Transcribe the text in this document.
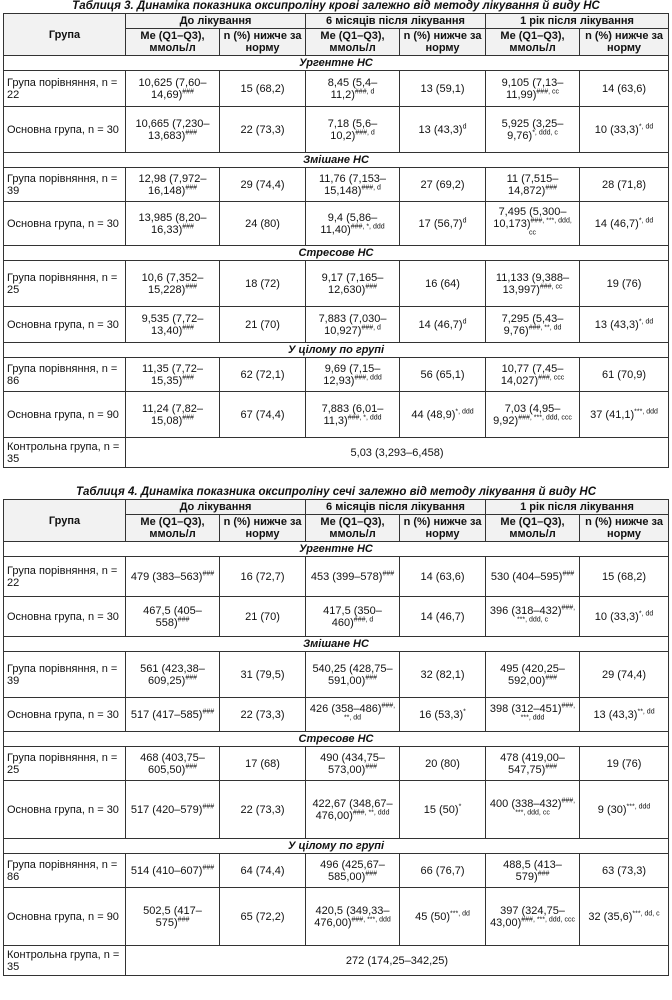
Таблиця 3. Динаміка показника оксипроліну крові залежно від методу лікування й виду НС

Група	До лікування		6 місяців після лікування		1 рік після лікування	
	Me (Q1–Q3), ммоль/л	n (%) нижче за норму	Me (Q1–Q3), ммоль/л	n (%) нижче за норму	Me (Q1–Q3), ммоль/л	n (%) нижче за норму
Ургентне НС						
Група порівняння, n = 22	10,625 (7,60–14,69)###	15 (68,2)	8,45 $(5,4-11,2)^{\#\#\#, d}$	13 (59,1)	9,105 $(7,13-11,99)^{\#\#\#, cc}$	14 (63,6)
Основна група, n = 30	10,665 (7,230–13,683)###	22 (73,3)	7,18 $(5,6-10,2)^{\#\#\#, d}$	13 $(43,3)^d$	5,925 $(3,25-9,76)^{*, ddd, c}$	10 $(33,3)^{*, dd}$
Змішане НС						
Група порівняння, n = 39	12,98 (7,972–16,148)###	29 (74,4)	11,76 $(7,153-15,148)^{\#\#\#, d}$	27 (69,2)	11 (7,515–14,872)###	28 (71,8)
Основна група, n = 30	13,985 (8,20–16,33)###	24 (80)	9,4 $(5,86-11,40)^{\#\#\#, *, ddd}$	17 $(56,7)^d$	7,495 $(5,300-10,173)^{\#\#\#, ***, ddd, cc}$	14 $(46,7)^{*, dd}$
Стресове НС						
Група порівняння, n = 25	10,6 (7,352–15,228)###	18 (72)	9,17 (7,165–12,630)###	16 (64)	11,133 $(9,388-13,997)^{\#\#\#, cc}$	19 (76)
Основна група, n = 30	9,535 (7,72–13,40)###	21 (70)	7,883 $(7,030-10,927)^{\#\#\#, d}$	14 $(46,7)^d$	7,295 $(5,43-9,76)^{\#\#\#, **, dd}$	13 $(43,3)^{*, dd}$
У цілому по групі						
Група порівняння, n = 86	11,35 (7,72–15,35)###	62 (72,1)	9,69 $(7,15-12,93)^{\#\#\#, ddd}$	56 (65,1)	10,77 $(7,45-14,027)^{\#\#\#, ccc}$	61 (70,9)
Основна група, n = 90	11,24 (7,82–15,08)###	67 (74,4)	7,883 $(6,01-11,3)^{\#\#\#, *, ddd}$	44 $(48,9)^{*, ddd}$	7,03 $(4,95-9,92)^{\#\#\#, ***, ddd, ccc}$	37 $(41,1)^{***, ddd}$
Контрольна група, n = 35	5,03 (3,293–6,458)					

Таблиця 4. Динаміка показника оксипроліну сечі залежно від методу лікування й виду НС

Група	До лікування		6 місяців після лікування		1 рік після лікування	
	Me (Q1–Q3), ммоль/л	n (%) нижче за норму	Me (Q1–Q3), ммоль/л	n (%) нижче за норму	Me (Q1–Q3), ммоль/л	n (%) нижче за норму
Ургентне НС						
Група порівняння, n = 22	479 (383–563)###	16 (72,7)	453 (399–578)###	14 (63,6)	530 (404–595)###	15 (68,2)
Основна група, n = 30	467,5 (405–558)###	21 (70)	417,5 $(350-460)^{\#\#\#, d}$	14 (46,7)	396 $(318-432)^{\#\#\#, ***, ddd, c}$	10 $(33,3)^{*, dd}$
Змішане НС						
Група порівняння, n = 39	561 (423,38–609,25)###	31 (79,5)	540,25 (428,75–591,00)###	32 (82,1)	495 (420,25–592,00)###	29 (74,4)
Основна група, n = 30	517 (417–585)###	22 (73,3)	426 $(358-486)^{\#\#\#, **, dd}$	16 (53,3)*	398 $(312-451)^{\#\#\#, ***, ddd}$	13 $(43,3)^{**, dd}$
Стресове НС						
Група порівняння, n = 25	468 (403,75–605,50)###	17 (68)	490 (434,75–573,00)###	20 (80)	478 (419,00–547,75)###	19 (76)
Основна група, n = 30	517 (420–579)###	22 (73,3)	422,67 $(348,67-476,00)^{\#\#\#, **, ddd}$	15 (50)*	400 $(338-432)^{\#\#\#, ***, ddd, cc}$	9 $(30)^{***, ddd}$
У цілому по групі						
Група порівняння, n = 86	514 (410–607)###	64 (74,4)	496 (425,67–585,00)###	66 (76,7)	488,5 (413–579)###	63 (73,3)
Основна група, n = 90	502,5 (417–575)###	65 (72,2)	420,5 $(349,33-476,00)^{\#\#\#, ***, ddd}$	45 $(50)^{***, dd}$	397 $(324,75-43,00)^{\#\#\#, ***, ddd, ccc}$	32 $(35,6)^{***, dd, c}$
Контрольна група, n = 35	272 (174,25–342,25)					
